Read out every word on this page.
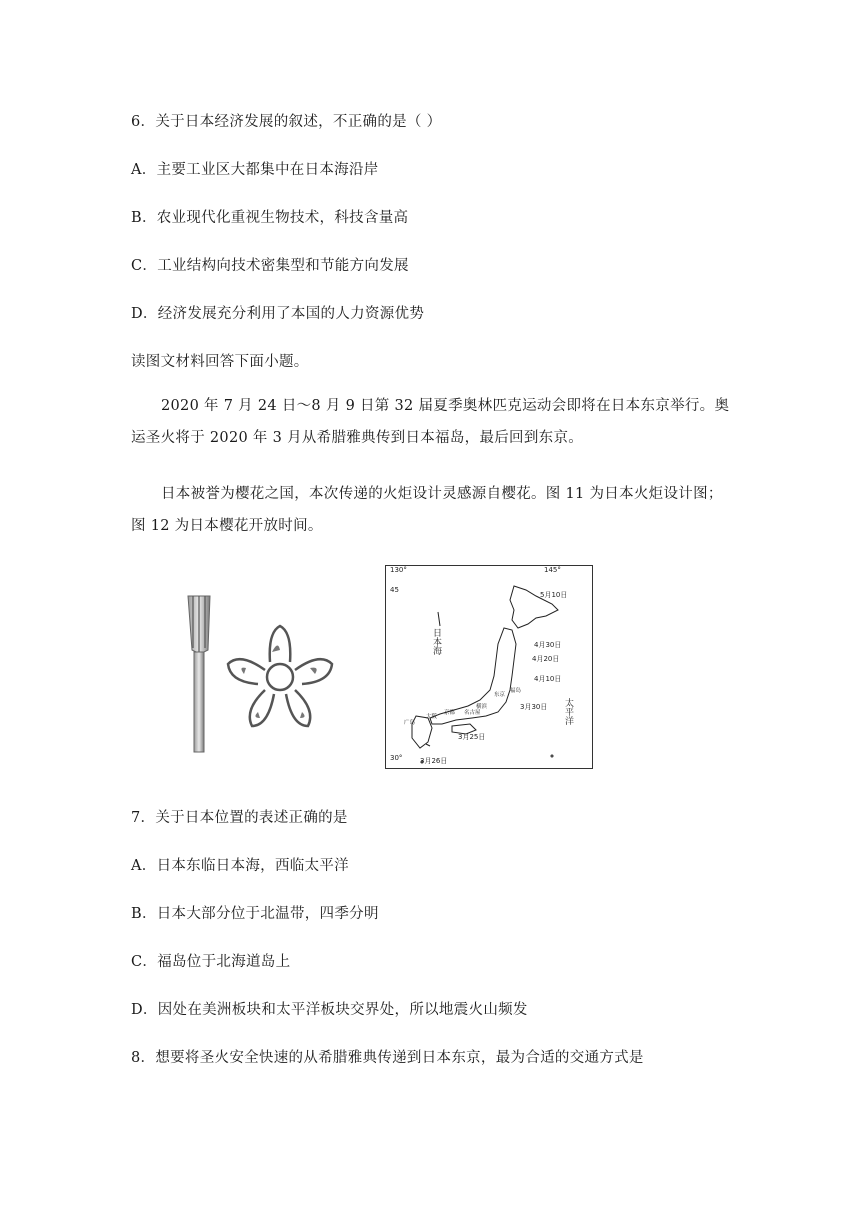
6．关于日本经济发展的叙述，不正确的是（ ）
A．主要工业区大都集中在日本海沿岸
B．农业现代化重视生物技术，科技含量高
C．工业结构向技术密集型和节能方向发展
D．经济发展充分利用了本国的人力资源优势
读图文材料回答下面小题。
2020 年 7 月 24 日～8 月 9 日第 32 届夏季奥林匹克运动会即将在日本东京举行。奥运圣火将于 2020 年 3 月从希腊雅典传到日本福岛，最后回到东京。
日本被誉为樱花之国，本次传递的火炬设计灵感源自樱花。图 11 为日本火炬设计图；图 12 为日本樱花开放时间。
130°	145°
45
30°
日本海
太平洋
5月10日
4月30日
4月20日
4月10日
3月30日
3月25日
3月26日
福岛
东京
京都 名古屋
横滨
大阪
广岛
7．关于日本位置的表述正确的是
A．日本东临日本海，西临太平洋
B．日本大部分位于北温带，四季分明
C．福岛位于北海道岛上
D．因处在美洲板块和太平洋板块交界处，所以地震火山频发
8．想要将圣火安全快速的从希腊雅典传递到日本东京，最为合适的交通方式是
